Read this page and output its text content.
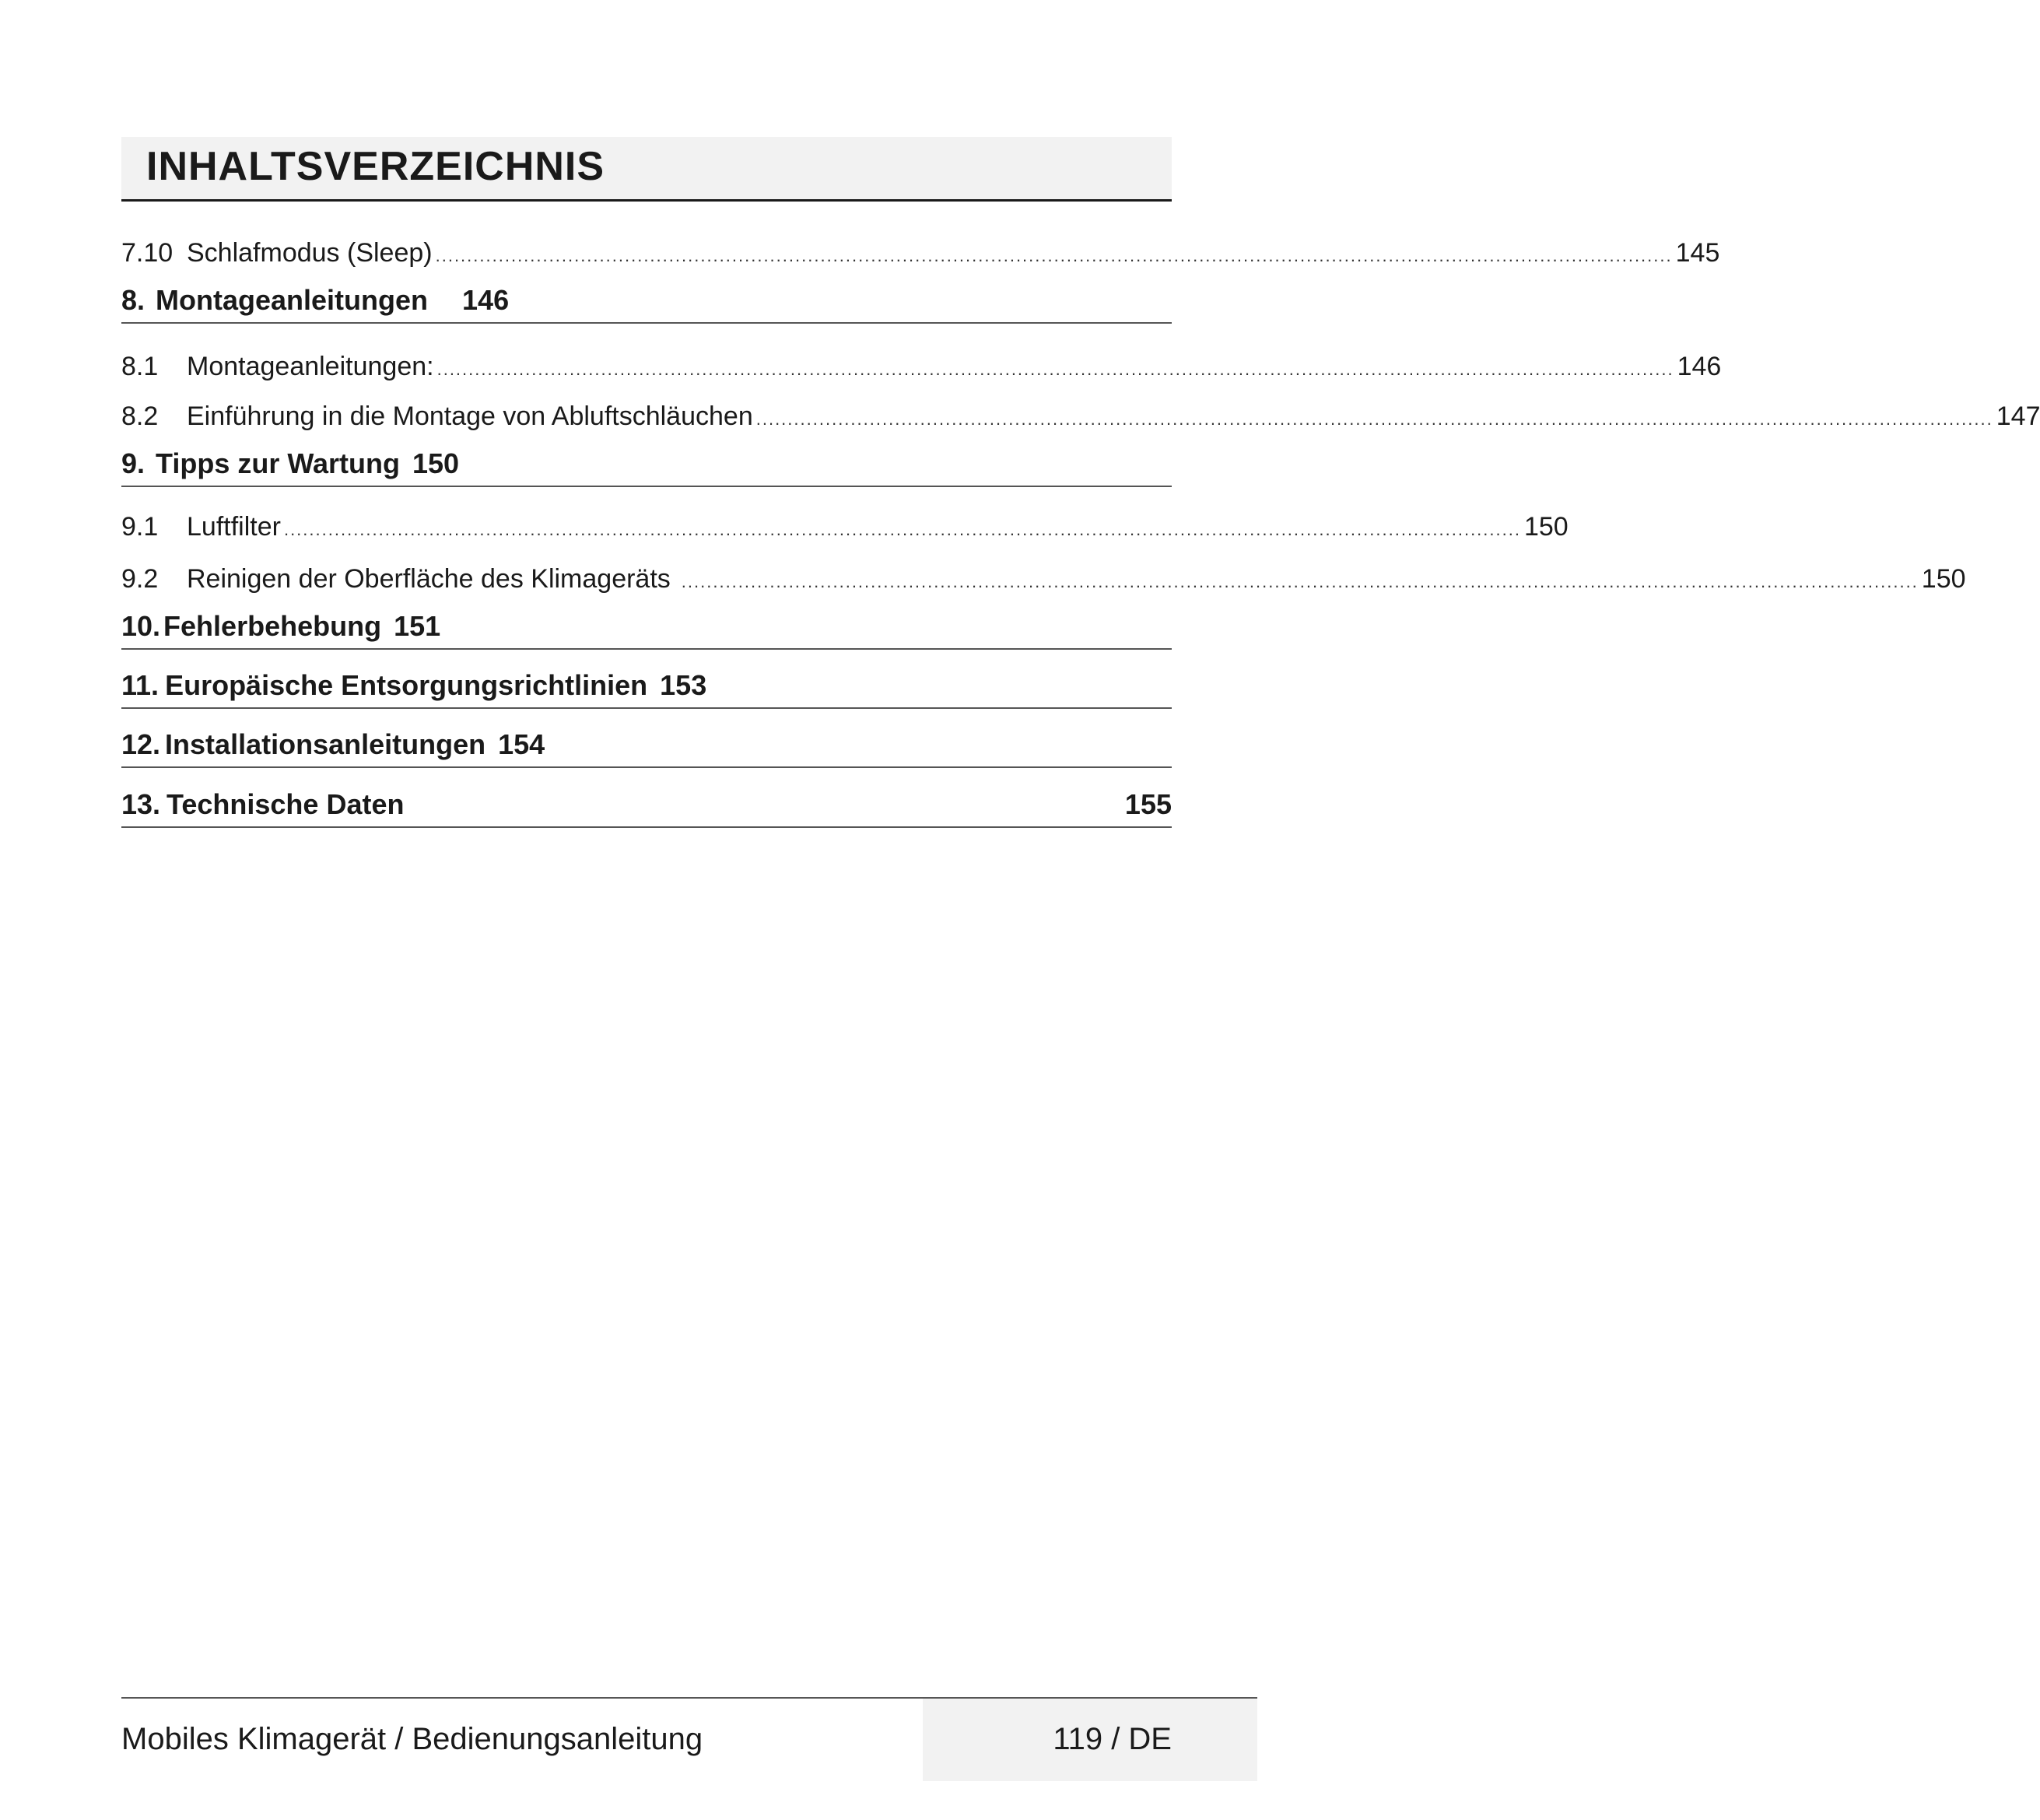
INHALTSVERZEICHNIS
7.10 Schlafmodus (Sleep) .................................................................................................................................................................................................... 145
8. Montageanleitungen 146
8.1	Montageanleitungen: .................................................................................................................................................................................................... 146
8.2	Einführung in die Montage von Abluftschläuchen .................................................................................................................................................................................................... 147
9. Tipps zur Wartung 150
9.1	Luftfilter .................................................................................................................................................................................................... 150
9.2	Reinigen der Oberfläche des Klimageräts .................................................................................................................................................................................................... 150
10. Fehlerbehebung 151
11. Europäische Entsorgungsrichtlinien 153
12. Installationsanleitungen 154
13. Technische Daten	155
Mobiles Klimagerät / Bedienungsanleitung	119 / DE
